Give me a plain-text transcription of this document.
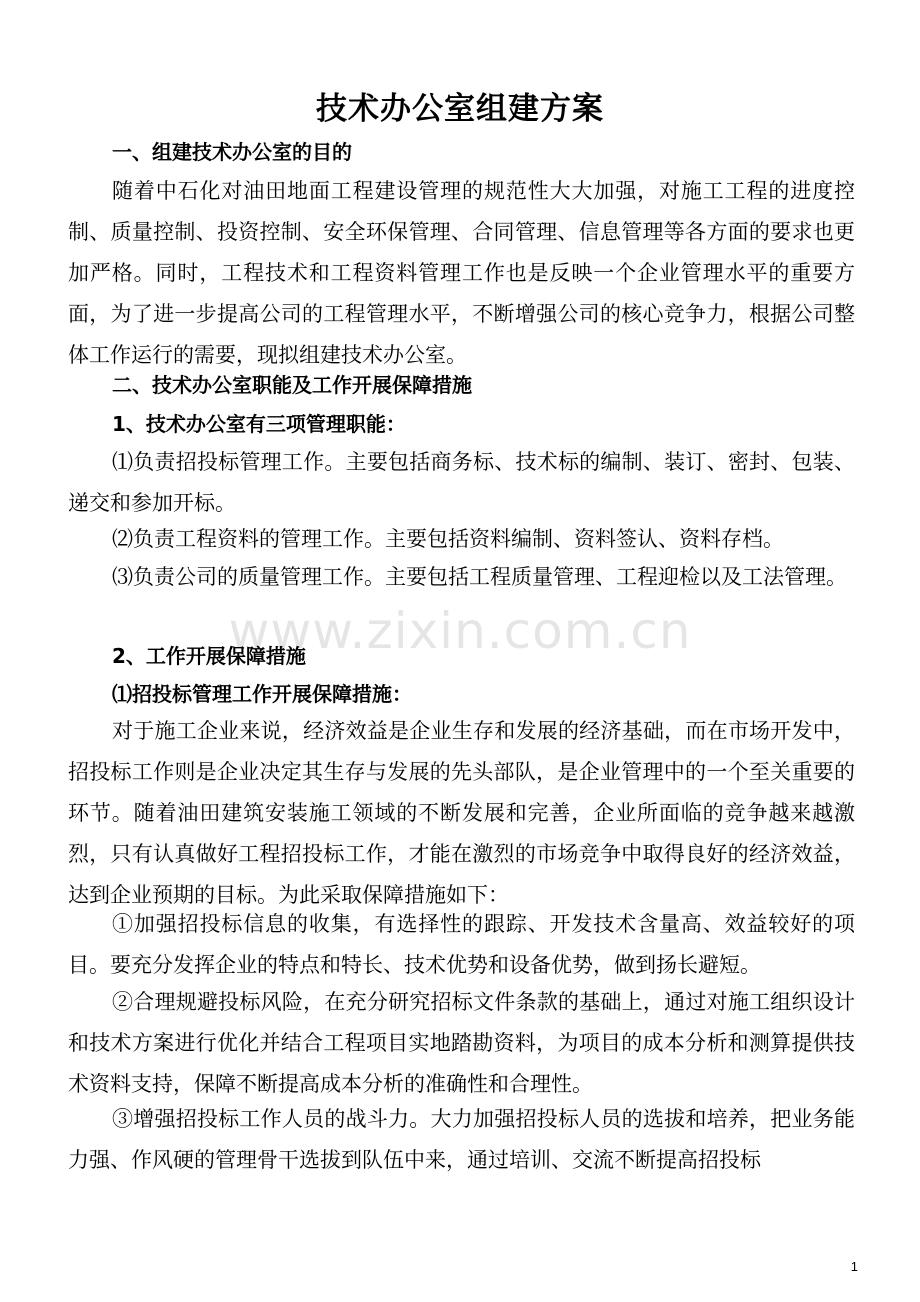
技术办公室组建方案
一、组建技术办公室的目的
随着中石化对油田地面工程建设管理的规范性大大加强，对施工工程的进度控制、质量控制、投资控制、安全环保管理、合同管理、信息管理等各方面的要求也更加严格。同时，工程技术和工程资料管理工作也是反映一个企业管理水平的重要方面，为了进一步提高公司的工程管理水平，不断增强公司的核心竞争力，根据公司整体工作运行的需要，现拟组建技术办公室。
二、技术办公室职能及工作开展保障措施
1、技术办公室有三项管理职能：
⑴负责招投标管理工作。主要包括商务标、技术标的编制、装订、密封、包装、递交和参加开标。
⑵负责工程资料的管理工作。主要包括资料编制、资料签认、资料存档。
⑶负责公司的质量管理工作。主要包括工程质量管理、工程迎检以及工法管理。
2、工作开展保障措施
⑴招投标管理工作开展保障措施：
对于施工企业来说，经济效益是企业生存和发展的经济基础，而在市场开发中，招投标工作则是企业决定其生存与发展的先头部队，是企业管理中的一个至关重要的环节。随着油田建筑安装施工领域的不断发展和完善，企业所面临的竞争越来越激烈，只有认真做好工程招投标工作，才能在激烈的市场竞争中取得良好的经济效益，达到企业预期的目标。为此采取保障措施如下：
①加强招投标信息的收集，有选择性的跟踪、开发技术含量高、效益较好的项目。要充分发挥企业的特点和特长、技术优势和设备优势，做到扬长避短。
②合理规避投标风险，在充分研究招标文件条款的基础上，通过对施工组织设计和技术方案进行优化并结合工程项目实地踏勘资料，为项目的成本分析和测算提供技术资料支持，保障不断提高成本分析的准确性和合理性。
③增强招投标工作人员的战斗力。大力加强招投标人员的选拔和培养，把业务能力强、作风硬的管理骨干选拔到队伍中来，通过培训、交流不断提高招投标
www.zixin.com.cn
1
